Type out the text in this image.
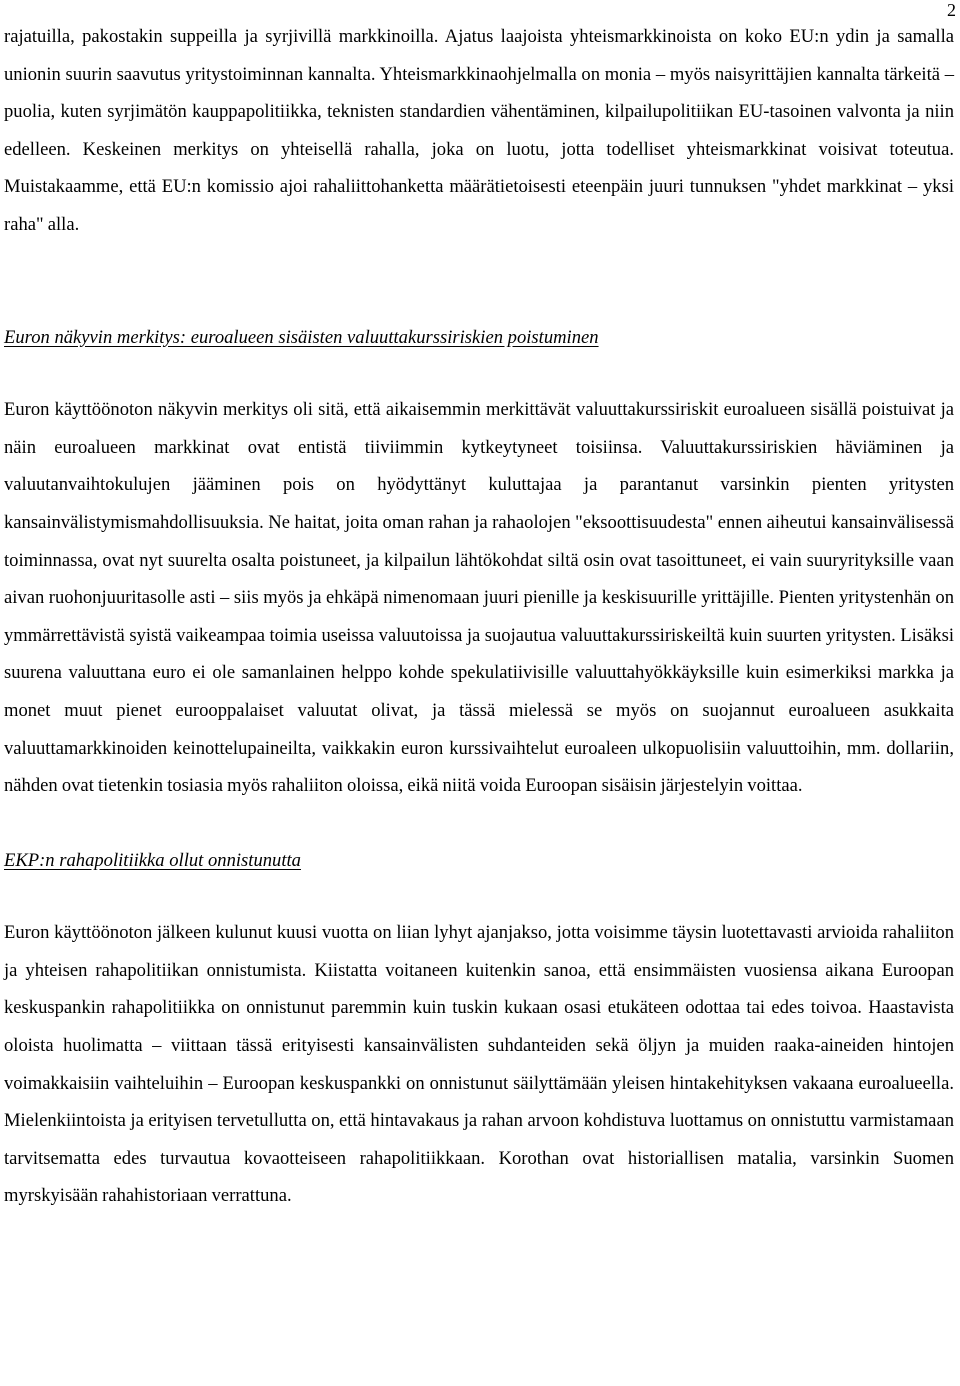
2

rajatuilla, pakostakin suppeilla ja syrjivillä markkinoilla. Ajatus laajoista yhteismarkkinoista on koko EU:n ydin ja samalla unionin suurin saavutus yritystoiminnan kannalta. Yhteismarkkinaohjelmalla on monia – myös naisyrittäjien kannalta tärkeitä – puolia, kuten syrjimätön kauppapolitiikka, teknisten standardien vähentäminen, kilpailupolitiikan EU-tasoinen valvonta ja niin edelleen. Keskeinen merkitys on yhteisellä rahalla, joka on luotu, jotta todelliset yhteismarkkinat voisivat toteutua. Muistakaamme, että EU:n komissio ajoi rahaliittohanketta määrätietoisesti eteenpäin juuri tunnuksen "yhdet markkinat – yksi raha" alla.

Euron näkyvin merkitys: euroalueen sisäisten valuuttakurssiriskien poistuminen

Euron käyttöönoton näkyvin merkitys oli sitä, että aikaisemmin merkittävät valuuttakurssiriskit euroalueen sisällä poistuivat ja näin euroalueen markkinat ovat entistä tiiviimmin kytkeytyneet toisiinsa. Valuuttakurssiriskien häviäminen ja valuutanvaihtokulujen jääminen pois on hyödyttänyt kuluttajaa ja parantanut varsinkin pienten yritysten kansainvälistymismahdollisuuksia. Ne haitat, joita oman rahan ja rahaolojen "eksoottisuudesta" ennen aiheutui kansainvälisessä toiminnassa, ovat nyt suurelta osalta poistuneet, ja kilpailun lähtökohdat siltä osin ovat tasoittuneet, ei vain suuryrityksille vaan aivan ruohonjuuritasolle asti – siis myös ja ehkäpä nimenomaan juuri pienille ja keskisuurille yrittäjille. Pienten yritystenhän on ymmärrettävistä syistä vaikeampaa toimia useissa valuutoissa ja suojautua valuuttakurssiriskeiltä kuin suurten yritysten. Lisäksi suurena valuuttana euro ei ole samanlainen helppo kohde spekulatiivisille valuuttahyökkäyksille kuin esimerkiksi markka ja monet muut pienet eurooppalaiset valuutat olivat, ja tässä mielessä se myös on suojannut euroalueen asukkaita valuuttamarkkinoiden keinottelupaineilta, vaikkakin euron kurssivaihtelut euroaleen ulkopuolisiin valuuttoihin, mm. dollariin, nähden ovat tietenkin tosiasia myös rahaliiton oloissa, eikä niitä voida Euroopan sisäisin järjestelyin voittaa.

EKP:n rahapolitiikka ollut onnistunutta

Euron käyttöönoton jälkeen kulunut kuusi vuotta on liian lyhyt ajanjakso, jotta voisimme täysin luotettavasti arvioida rahaliiton ja yhteisen rahapolitiikan onnistumista. Kiistatta voitaneen kuitenkin sanoa, että ensimmäisten vuosiensa aikana Euroopan keskuspankin rahapolitiikka on onnistunut paremmin kuin tuskin kukaan osasi etukäteen odottaa tai edes toivoa. Haastavista oloista huolimatta – viittaan tässä erityisesti kansainvälisten suhdanteiden sekä öljyn ja muiden raaka-aineiden hintojen voimakkaisiin vaihteluihin – Euroopan keskuspankki on onnistunut säilyttämään yleisen hintakehityksen vakaana euroalueella. Mielenkiintoista ja erityisen tervetullutta on, että hintavakaus ja rahan arvoon kohdistuva luottamus on onnistuttu varmistamaan tarvitsematta edes turvautua kovaotteiseen rahapolitiikkaan. Korothan ovat historiallisen matalia, varsinkin Suomen myrskyisään rahahistoriaan verrattuna.
